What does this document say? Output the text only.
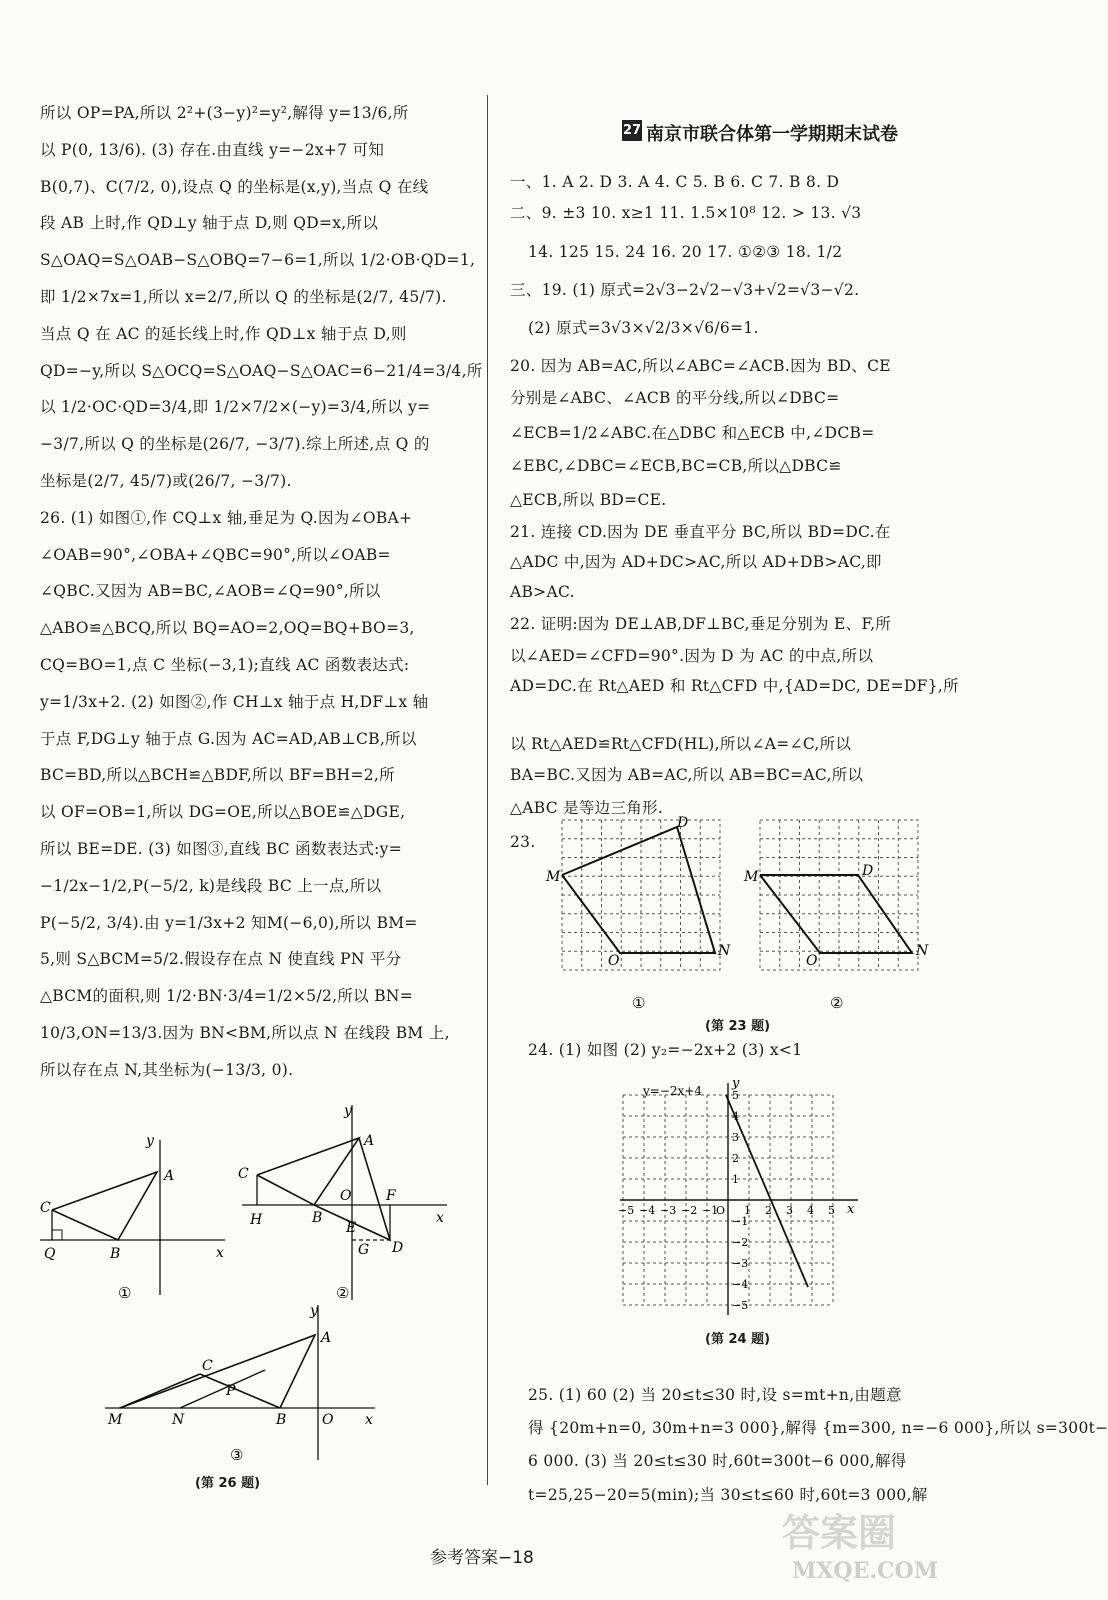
所以 OP=PA,所以 2²+(3−y)²=y²,解得 y=13/6,所
以 P(0, 13/6). (3) 存在.由直线 y=−2x+7 可知
B(0,7)、C(7/2, 0),设点 Q 的坐标是(x,y),当点 Q 在线
段 AB 上时,作 QD⊥y 轴于点 D,则 QD=x,所以
S△OAQ=S△OAB−S△OBQ=7−6=1,所以 1/2·OB·QD=1,
即 1/2×7x=1,所以 x=2/7,所以 Q 的坐标是(2/7, 45/7).
当点 Q 在 AC 的延长线上时,作 QD⊥x 轴于点 D,则
QD=−y,所以 S△OCQ=S△OAQ−S△OAC=6−21/4=3/4,所
以 1/2·OC·QD=3/4,即 1/2×7/2×(−y)=3/4,所以 y=
−3/7,所以 Q 的坐标是(26/7, −3/7).综上所述,点 Q 的
坐标是(2/7, 45/7)或(26/7, −3/7).
26. (1) 如图①,作 CQ⊥x 轴,垂足为 Q.因为∠OBA+
∠OAB=90°,∠OBA+∠QBC=90°,所以∠OAB=
∠QBC.又因为 AB=BC,∠AOB=∠Q=90°,所以
△ABO≌△BCQ,所以 BQ=AO=2,OQ=BQ+BO=3,
CQ=BO=1,点 C 坐标(−3,1);直线 AC 函数表达式:
y=1/3x+2. (2) 如图②,作 CH⊥x 轴于点 H,DF⊥x 轴
于点 F,DG⊥y 轴于点 G.因为 AC=AD,AB⊥CB,所以
BC=BD,所以△BCH≌△BDF,所以 BF=BH=2,所
以 OF=OB=1,所以 DG=OE,所以△BOE≌△DGE,
所以 BE=DE. (3) 如图③,直线 BC 函数表达式:y=
−1/2x−1/2,P(−5/2, k)是线段 BC 上一点,所以
P(−5/2, 3/4).由 y=1/3x+2 知M(−6,0),所以 BM=
5,则 S△BCM=5/2.假设存在点 N 使直线 PN 平分
△BCM的面积,则 1/2·BN·3/4=1/2×5/2,所以 BN=
10/3,ON=13/3.因为 BN<BM,所以点 N 在线段 BM 上,
所以存在点 N,其坐标为(−13/3, 0).
27 南京市联合体第一学期期末试卷
一、1. A 2. D 3. A 4. C 5. B 6. C 7. B 8. D
二、9. ±3 10. x≥1 11. 1.5×10⁸ 12. > 13. √3
14. 125 15. 24 16. 20 17. ①②③ 18. 1/2
三、19. (1) 原式=2√3−2√2−√3+√2=√3−√2.
(2) 原式=3√3×√2/3×√6/6=1.
20. 因为 AB=AC,所以∠ABC=∠ACB.因为 BD、CE
分别是∠ABC、∠ACB 的平分线,所以∠DBC=
∠ECB=1/2∠ABC.在△DBC 和△ECB 中,∠DCB=
∠EBC,∠DBC=∠ECB,BC=CB,所以△DBC≌
△ECB,所以 BD=CE.
21. 连接 CD.因为 DE 垂直平分 BC,所以 BD=DC.在
△ADC 中,因为 AD+DC>AC,所以 AD+DB>AC,即
AB>AC.
22. 证明:因为 DE⊥AB,DF⊥BC,垂足分别为 E、F,所
以∠AED=∠CFD=90°.因为 D 为 AC 的中点,所以
AD=DC.在 Rt△AED 和 Rt△CFD 中,{AD=DC, DE=DF},所
以 Rt△AED≌Rt△CFD(HL),所以∠A=∠C,所以
BA=BC.又因为 AB=AC,所以 AB=BC=AC,所以
△ABC 是等边三角形.
23.
24. (1) 如图 (2) y₂=−2x+2 (3) x<1
25. (1) 60 (2) 当 20≤t≤30 时,设 s=mt+n,由题意
得 {20m+n=0, 30m+n=3 000},解得 {m=300, n=−6 000},所以 s=300t−
6 000. (3) 当 20≤t≤30 时,60t=300t−6 000,解得
t=25,25−20=5(min);当 30≤t≤60 时,60t=3 000,解
(第 23 题)
(第 24 题)
M
D
N
O
M	D
N
O
①	②
y=−2x+4 y
x
−5
−5
−4
−4
−3
−3
−2
−2
−1
−1
1
1
2
2
3
3
4
4
5
5
O
C
A
B
Q
y
x
①
C
A
B
O
E
F
G D
H
y
x
②
M	N
C
P
B	O
A
y
x
③
(第 26 题)
参考答案−18
答案圈
MXQE.COM
